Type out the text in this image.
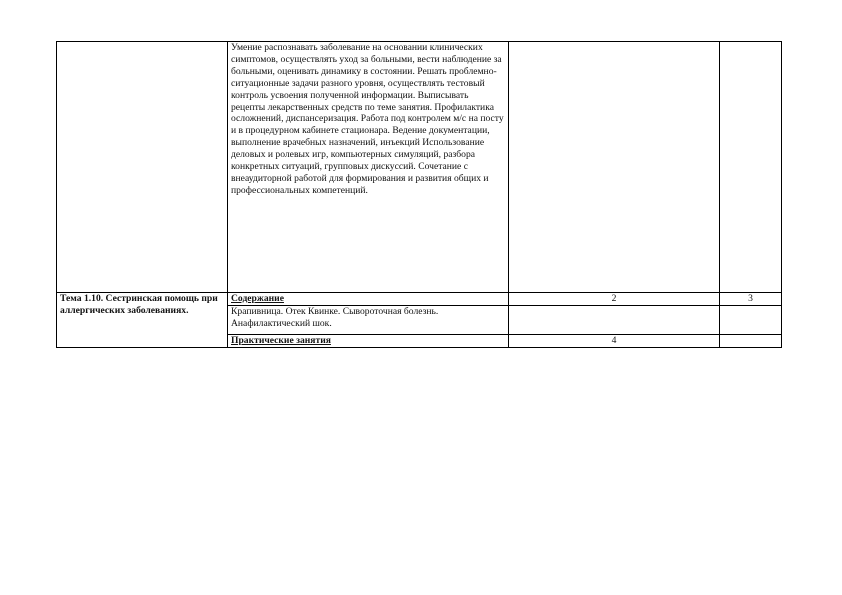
	Умение распознавать заболевание на основании клинических симптомов, осуществлять уход за больными, вести наблюдение за больными, оценивать динамику в состоянии. Решать проблемно-ситуационные задачи разного уровня, осуществлять тестовый контроль усвоения полученной информации. Выписывать рецепты лекарственных средств по теме занятия. Профилактика осложнений, диспансеризация. Работа под контролем м/с на посту и в процедурном кабинете стационара. Ведение документации, выполнение врачебных назначений, инъекций Использование деловых и ролевых игр, компьютерных симуляций, разбора конкретных ситуаций, групповых дискуссий. Сочетание с внеаудиторной работой для формирования и развития общих и профессиональных компетенций.		

Тема 1.10. Сестринская помощь при аллергических заболеваниях.	Содержание	2	3

	Крапивница. Отек Квинке. Сывороточная болезнь. Анафилактический шок.		

	Практические занятия	4	
